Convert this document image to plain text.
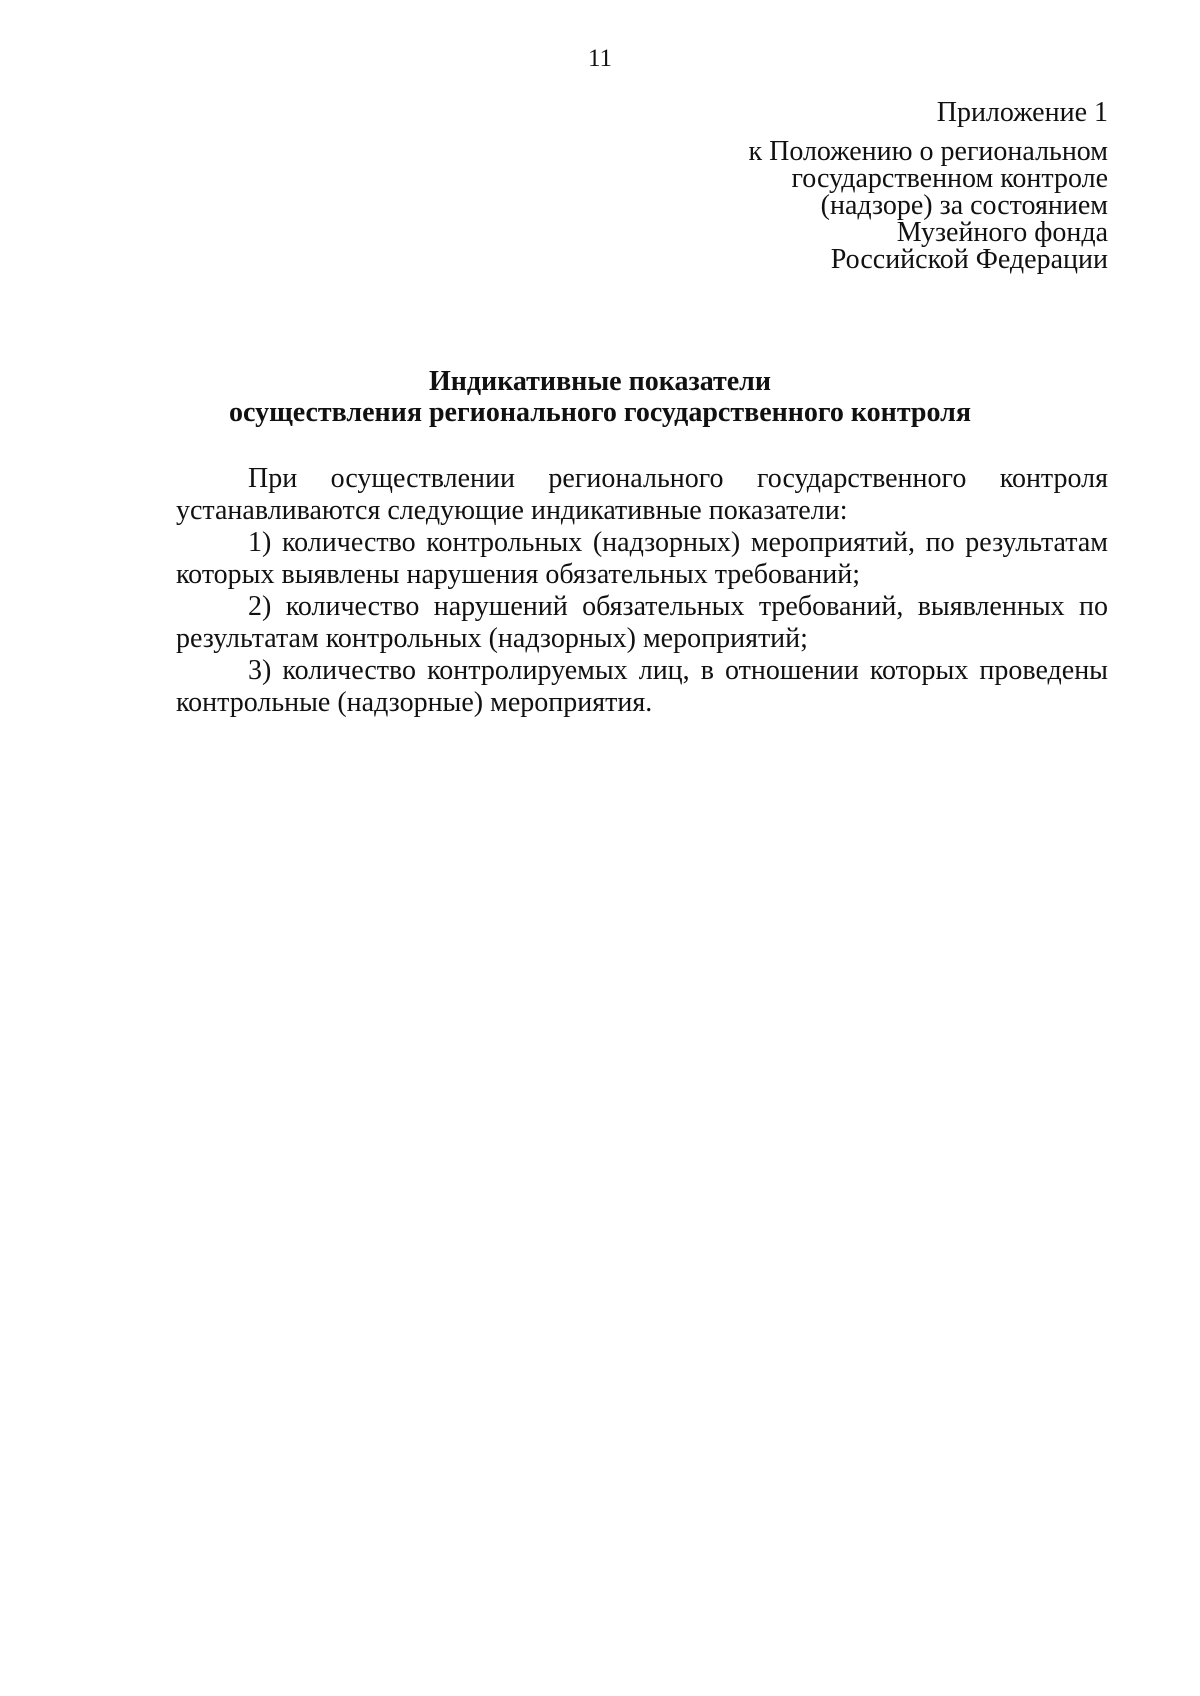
11
Приложение 1
к Положению о региональном
государственном контроле
(надзоре) за состоянием
Музейного фонда
Российской Федерации
Индикативные показатели
осуществления регионального государственного контроля

При осуществлении регионального государственного контроля устанавливаются следующие индикативные показатели:

1) количество контрольных (надзорных) мероприятий, по результатам которых выявлены нарушения обязательных требований;

2) количество нарушений обязательных требований, выявленных по результатам контрольных (надзорных) мероприятий;

3) количество контролируемых лиц, в отношении которых проведены контрольные (надзорные) мероприятия.
